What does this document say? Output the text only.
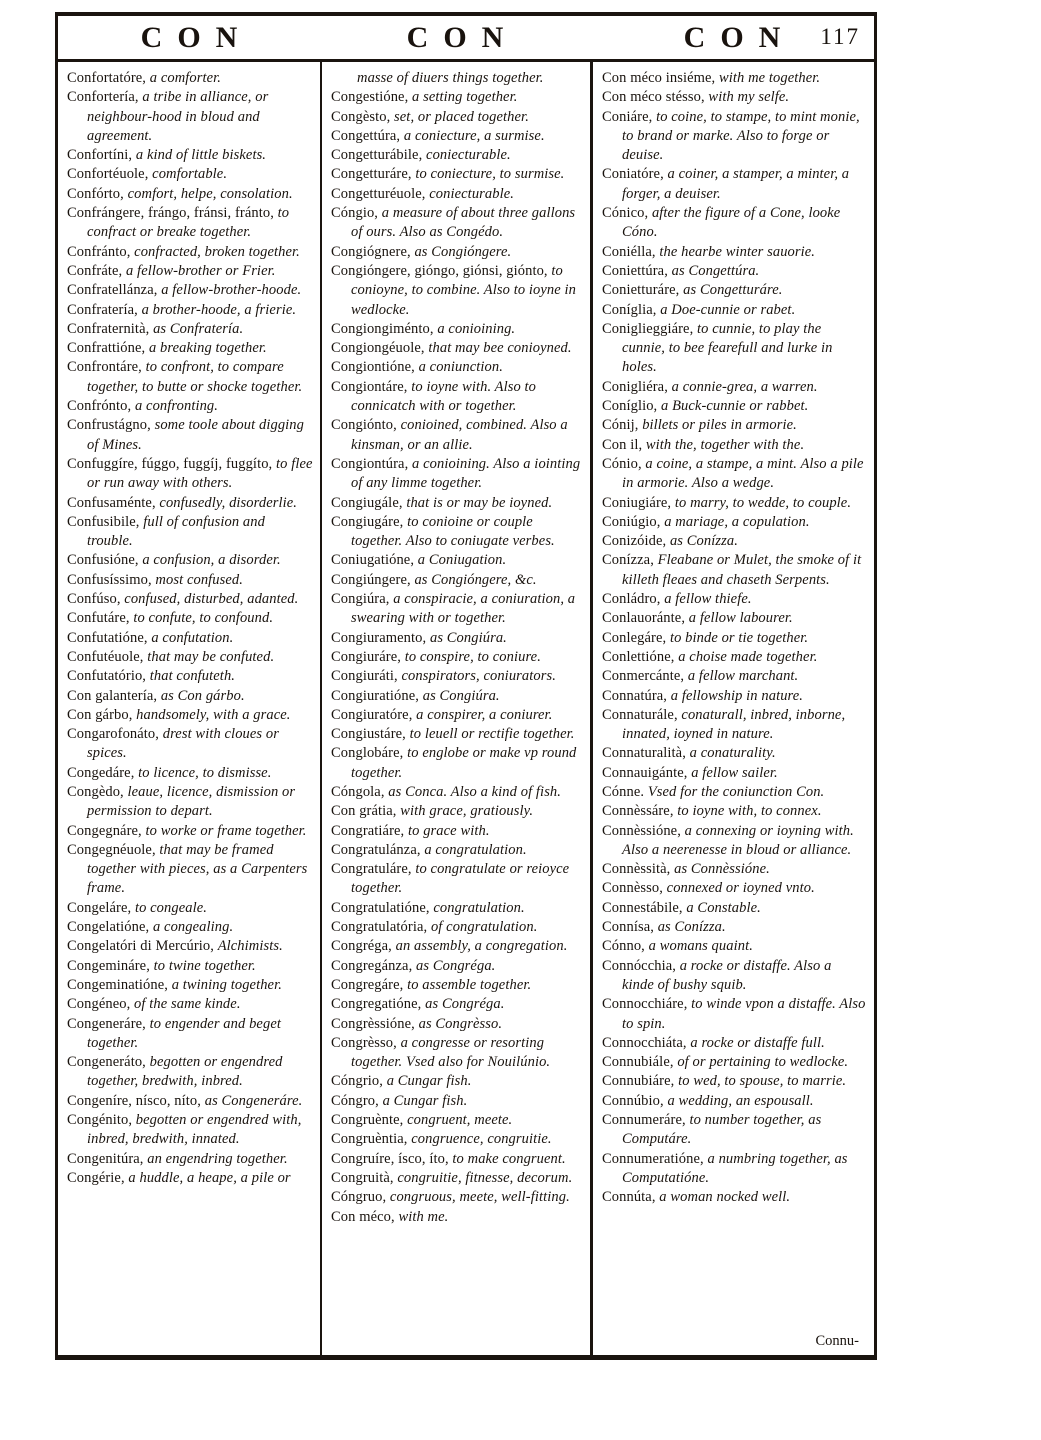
CON	CON	CON	117
Confortatóre, a comforter.
Confortería, a tribe in alliance, or neighbour-hood in bloud and agreement.
Confortíni, a kind of little biskets.
Confortéuole, comfortable.
Confórto, comfort, helpe, consolation.
Confrángere, frángo, fránsi, fránto, to confract or breake together.
Confránto, confracted, broken together.
Confráte, a fellow-brother or Frier.
Confratellánza, a fellow-brother-hoode.
Confratería, a brother-hoode, a frierie.
Confraternità, as Confratería.
Confrattióne, a breaking together.
Confrontáre, to confront, to compare together, to butte or shocke together.
Confrónto, a confronting.
Confrustágno, some toole about digging of Mines.
Confuggíre, fúggo, fuggíj, fuggíto, to flee or run away with others.
Confusaménte, confusedly, disorderlie.
Confusibile, full of confusion and trouble.
Confusióne, a confusion, a disorder.
Confusíssimo, most confused.
Confúso, confused, disturbed, adanted.
Confutáre, to confute, to confound.
Confutatióne, a confutation.
Confutéuole, that may be confuted.
Confutatório, that confuteth.
Con galantería, as Con gárbo.
Con gárbo, handsomely, with a grace.
Congarofonáto, drest with cloues or spices.
Congedáre, to licence, to dismisse.
Congèdo, leaue, licence, dismission or permission to depart.
Congegnáre, to worke or frame together.
Congegnéuole, that may be framed together with pieces, as a Carpenters frame.
Congeláre, to congeale.
Congelatióne, a congealing.
Congelatóri di Mercúrio, Alchimists.
Congemináre, to twine together.
Congeminatióne, a twining together.
Congéneo, of the same kinde.
Congeneráre, to engender and beget together.
Congeneráto, begotten or engendred together, bredwith, inbred.
Congeníre, nísco, níto, as Congeneráre.
Congénito, begotten or engendred with, inbred, bredwith, innated.
Congenitúra, an engendring together.
Congérie, a huddle, a heape, a pile or
masse of diuers things together.
Congestióne, a setting together.
Congèsto, set, or placed together.
Congettúra, a coniecture, a surmise.
Congetturábile, coniecturable.
Congetturáre, to coniecture, to surmise.
Congetturéuole, coniecturable.
Cóngio, a measure of about three gallons of ours. Also as Congédo.
Congiógnere, as Congióngere.
Congióngere, gióngo, giónsi, giónto, to conioyne, to combine. Also to ioyne in wedlocke.
Congiongiménto, a conioining.
Congiongéuole, that may bee conioyned.
Congiontióne, a coniunction.
Congiontáre, to ioyne with. Also to connicatch with or together.
Congiónto, conioined, combined. Also a kinsman, or an allie.
Congiontúra, a conioining. Also a iointing of any limme together.
Congiugále, that is or may be ioyned.
Congiugáre, to conioine or couple together. Also to coniugate verbes.
Coniugatióne, a Coniugation.
Congiúngere, as Congióngere, &c.
Congiúra, a conspiracie, a coniuration, a swearing with or together.
Congiuramento, as Congiúra.
Congiuráre, to conspire, to coniure.
Congiuráti, conspirators, coniurators.
Congiuratióne, as Congiúra.
Congiuratóre, a conspirer, a coniurer.
Congiustáre, to leuell or rectifie together.
Conglobáre, to englobe or make vp round together.
Cóngola, as Conca. Also a kind of fish.
Con grátia, with grace, gratiously.
Congratiáre, to grace with.
Congratulánza, a congratulation.
Congratuláre, to congratulate or reioyce together.
Congratulatióne, congratulation.
Congratulatória, of congratulation.
Congréga, an assembly, a congregation.
Congregánza, as Congréga.
Congregáre, to assemble together.
Congregatióne, as Congréga.
Congrèssióne, as Congrèsso.
Congrèsso, a congresse or resorting together. Vsed also for Nouilúnio.
Cóngrio, a Cungar fish.
Cóngro, a Cungar fish.
Congruènte, congruent, meete.
Congruèntia, congruence, congruitie.
Congruíre, ísco, íto, to make congruent.
Congruità, congruitie, fitnesse, decorum.
Cóngruo, congruous, meete, well-fitting.
Con méco, with me.
Con méco insiéme, with me together.
Con méco stésso, with my selfe.
Coniáre, to coine, to stampe, to mint monie, to brand or marke. Also to forge or deuise.
Coniatóre, a coiner, a stamper, a minter, a forger, a deuiser.
Cónico, after the figure of a Cone, looke Cóno.
Coniélla, the hearbe winter sauorie.
Coniettúra, as Congettúra.
Conietturáre, as Congetturáre.
Coníglia, a Doe-cunnie or rabet.
Coniglieggiáre, to cunnie, to play the cunnie, to bee fearefull and lurke in holes.
Conigliéra, a connie-grea, a warren.
Coníglio, a Buck-cunnie or rabbet.
Cónij, billets or piles in armorie.
Con il, with the, together with the.
Cónio, a coine, a stampe, a mint. Also a pile in armorie. Also a wedge.
Coniugiáre, to marry, to wedde, to couple.
Coniúgio, a mariage, a copulation.
Conizóide, as Conízza.
Conízza, Fleabane or Mulet, the smoke of it killeth fleaes and chaseth Serpents.
Conládro, a fellow thiefe.
Conlauoránte, a fellow labourer.
Conlegáre, to binde or tie together.
Conlettióne, a choise made together.
Conmercánte, a fellow marchant.
Connatúra, a fellowship in nature.
Connaturále, conaturall, inbred, inborne, innated, ioyned in nature.
Connaturalità, a conaturality.
Connauigánte, a fellow sailer.
Cónne. Vsed for the coniunction Con.
Connèssáre, to ioyne with, to connex.
Connèssióne, a connexing or ioyning with. Also a neerenesse in bloud or alliance.
Connèssità, as Connèssióne.
Connèsso, connexed or ioyned vnto.
Connestábile, a Constable.
Connísa, as Conízza.
Cónno, a womans quaint.
Connócchia, a rocke or distaffe. Also a kinde of bushy squib.
Connocchiáre, to winde vpon a distaffe. Also to spin.
Connocchiáta, a rocke or distaffe full.
Connubiále, of or pertaining to wedlocke.
Connubiáre, to wed, to spouse, to marrie.
Connúbio, a wedding, an espousall.
Connumeráre, to number together, as Computáre.
Connumeratióne, a numbring together, as Computatióne.
Connúta, a woman nocked well.
Connu-
